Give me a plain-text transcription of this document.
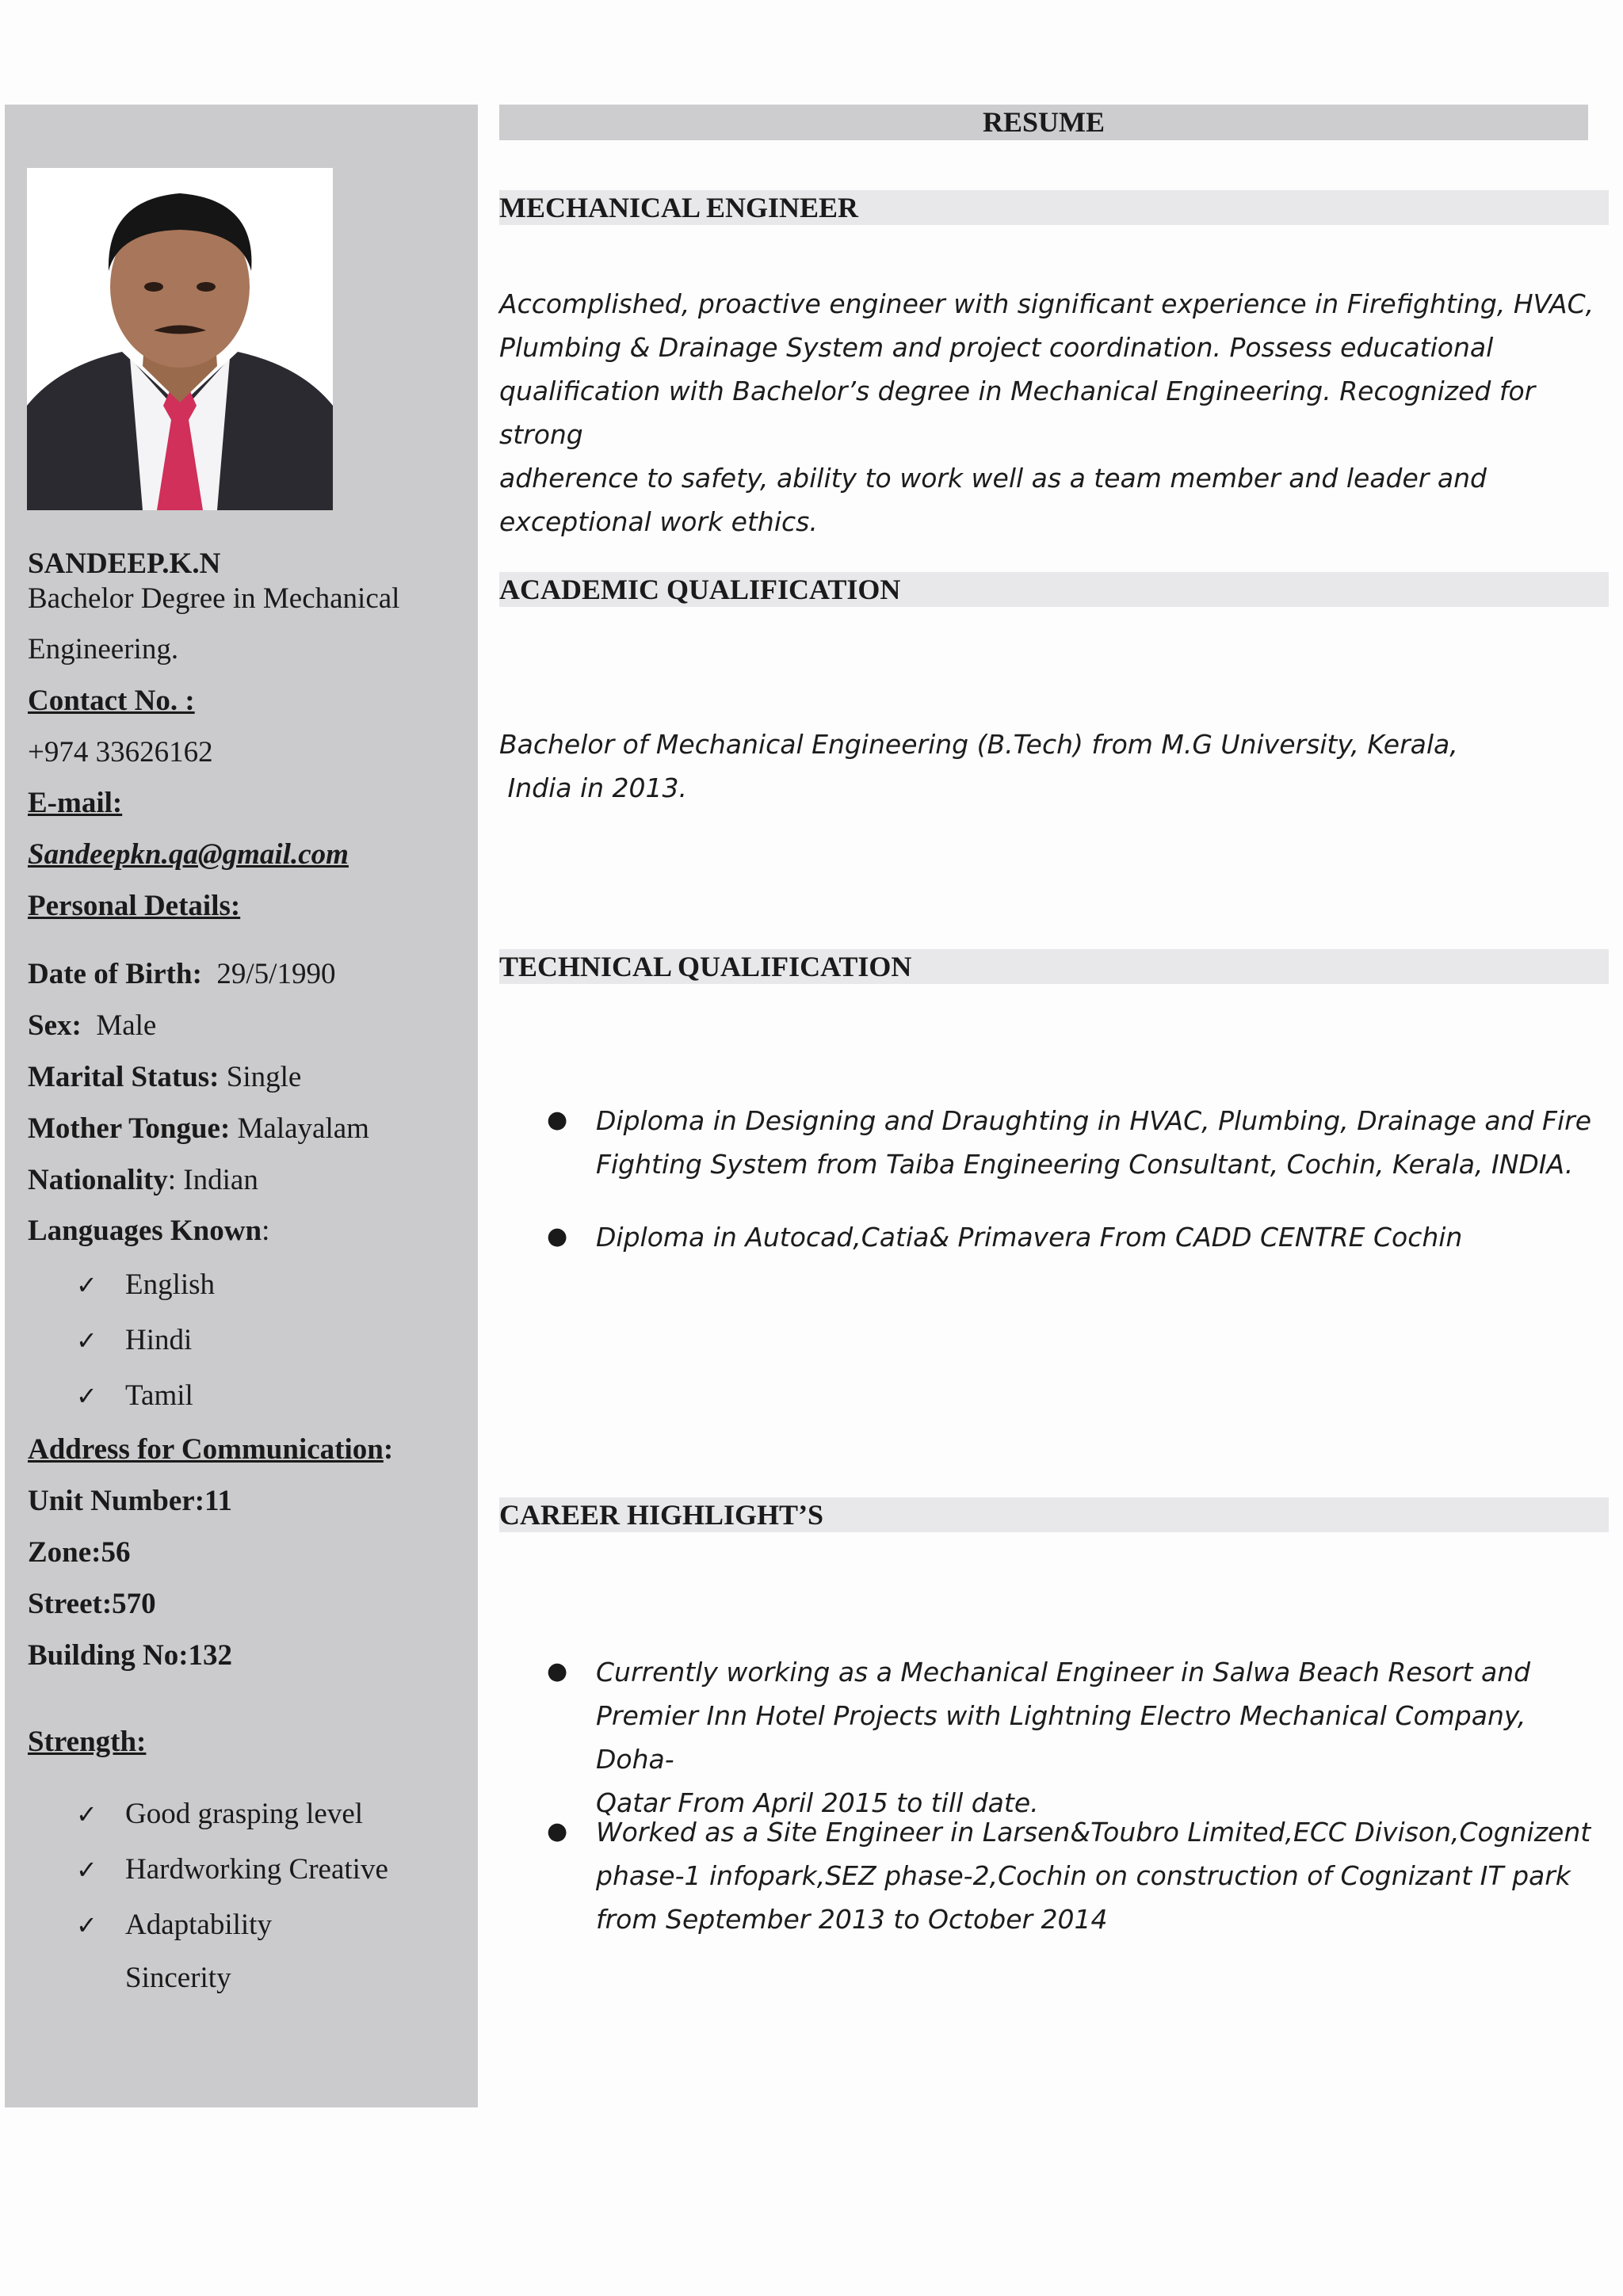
SANDEEP.K.N
Bachelor Degree in Mechanical
Engineering.
Contact No. :
+974 33626162
E-mail:
Sandeepkn.qa@gmail.com
Personal Details:
Date of Birth: 29/5/1990
Sex: Male
Marital Status: Single
Mother Tongue: Malayalam
Nationality: Indian
Languages Known:
✓ English
✓ Hindi
✓ Tamil
Address for Communication:
Unit Number:11
Zone:56
Street:570
Building No:132
Strength:
✓ Good grasping level
✓ Hardworking Creative
✓ Adaptability
Sincerity
RESUME
MECHANICAL ENGINEER
Accomplished, proactive engineer with significant experience in Firefighting, HVAC,
Plumbing & Drainage System and project coordination. Possess educational
qualification with Bachelor’s degree in Mechanical Engineering. Recognized for strong
adherence to safety, ability to work well as a team member and leader and
exceptional work ethics.
ACADEMIC QUALIFICATION
Bachelor of Mechanical Engineering (B.Tech) from M.G University, Kerala,
India in 2013.
TECHNICAL QUALIFICATION
● Diploma in Designing and Draughting in HVAC, Plumbing, Drainage and Fire
Fighting System from Taiba Engineering Consultant, Cochin, Kerala, INDIA.
● Diploma in Autocad,Catia& Primavera From CADD CENTRE Cochin
CAREER HIGHLIGHT’S
● Currently working as a Mechanical Engineer in Salwa Beach Resort and
Premier Inn Hotel Projects with Lightning Electro Mechanical Company, Doha-
Qatar From April 2015 to till date.
● Worked as a Site Engineer in Larsen&Toubro Limited,ECC Divison,Cognizent
phase-1 infopark,SEZ phase-2,Cochin on construction of Cognizant IT park
from September 2013 to October 2014
